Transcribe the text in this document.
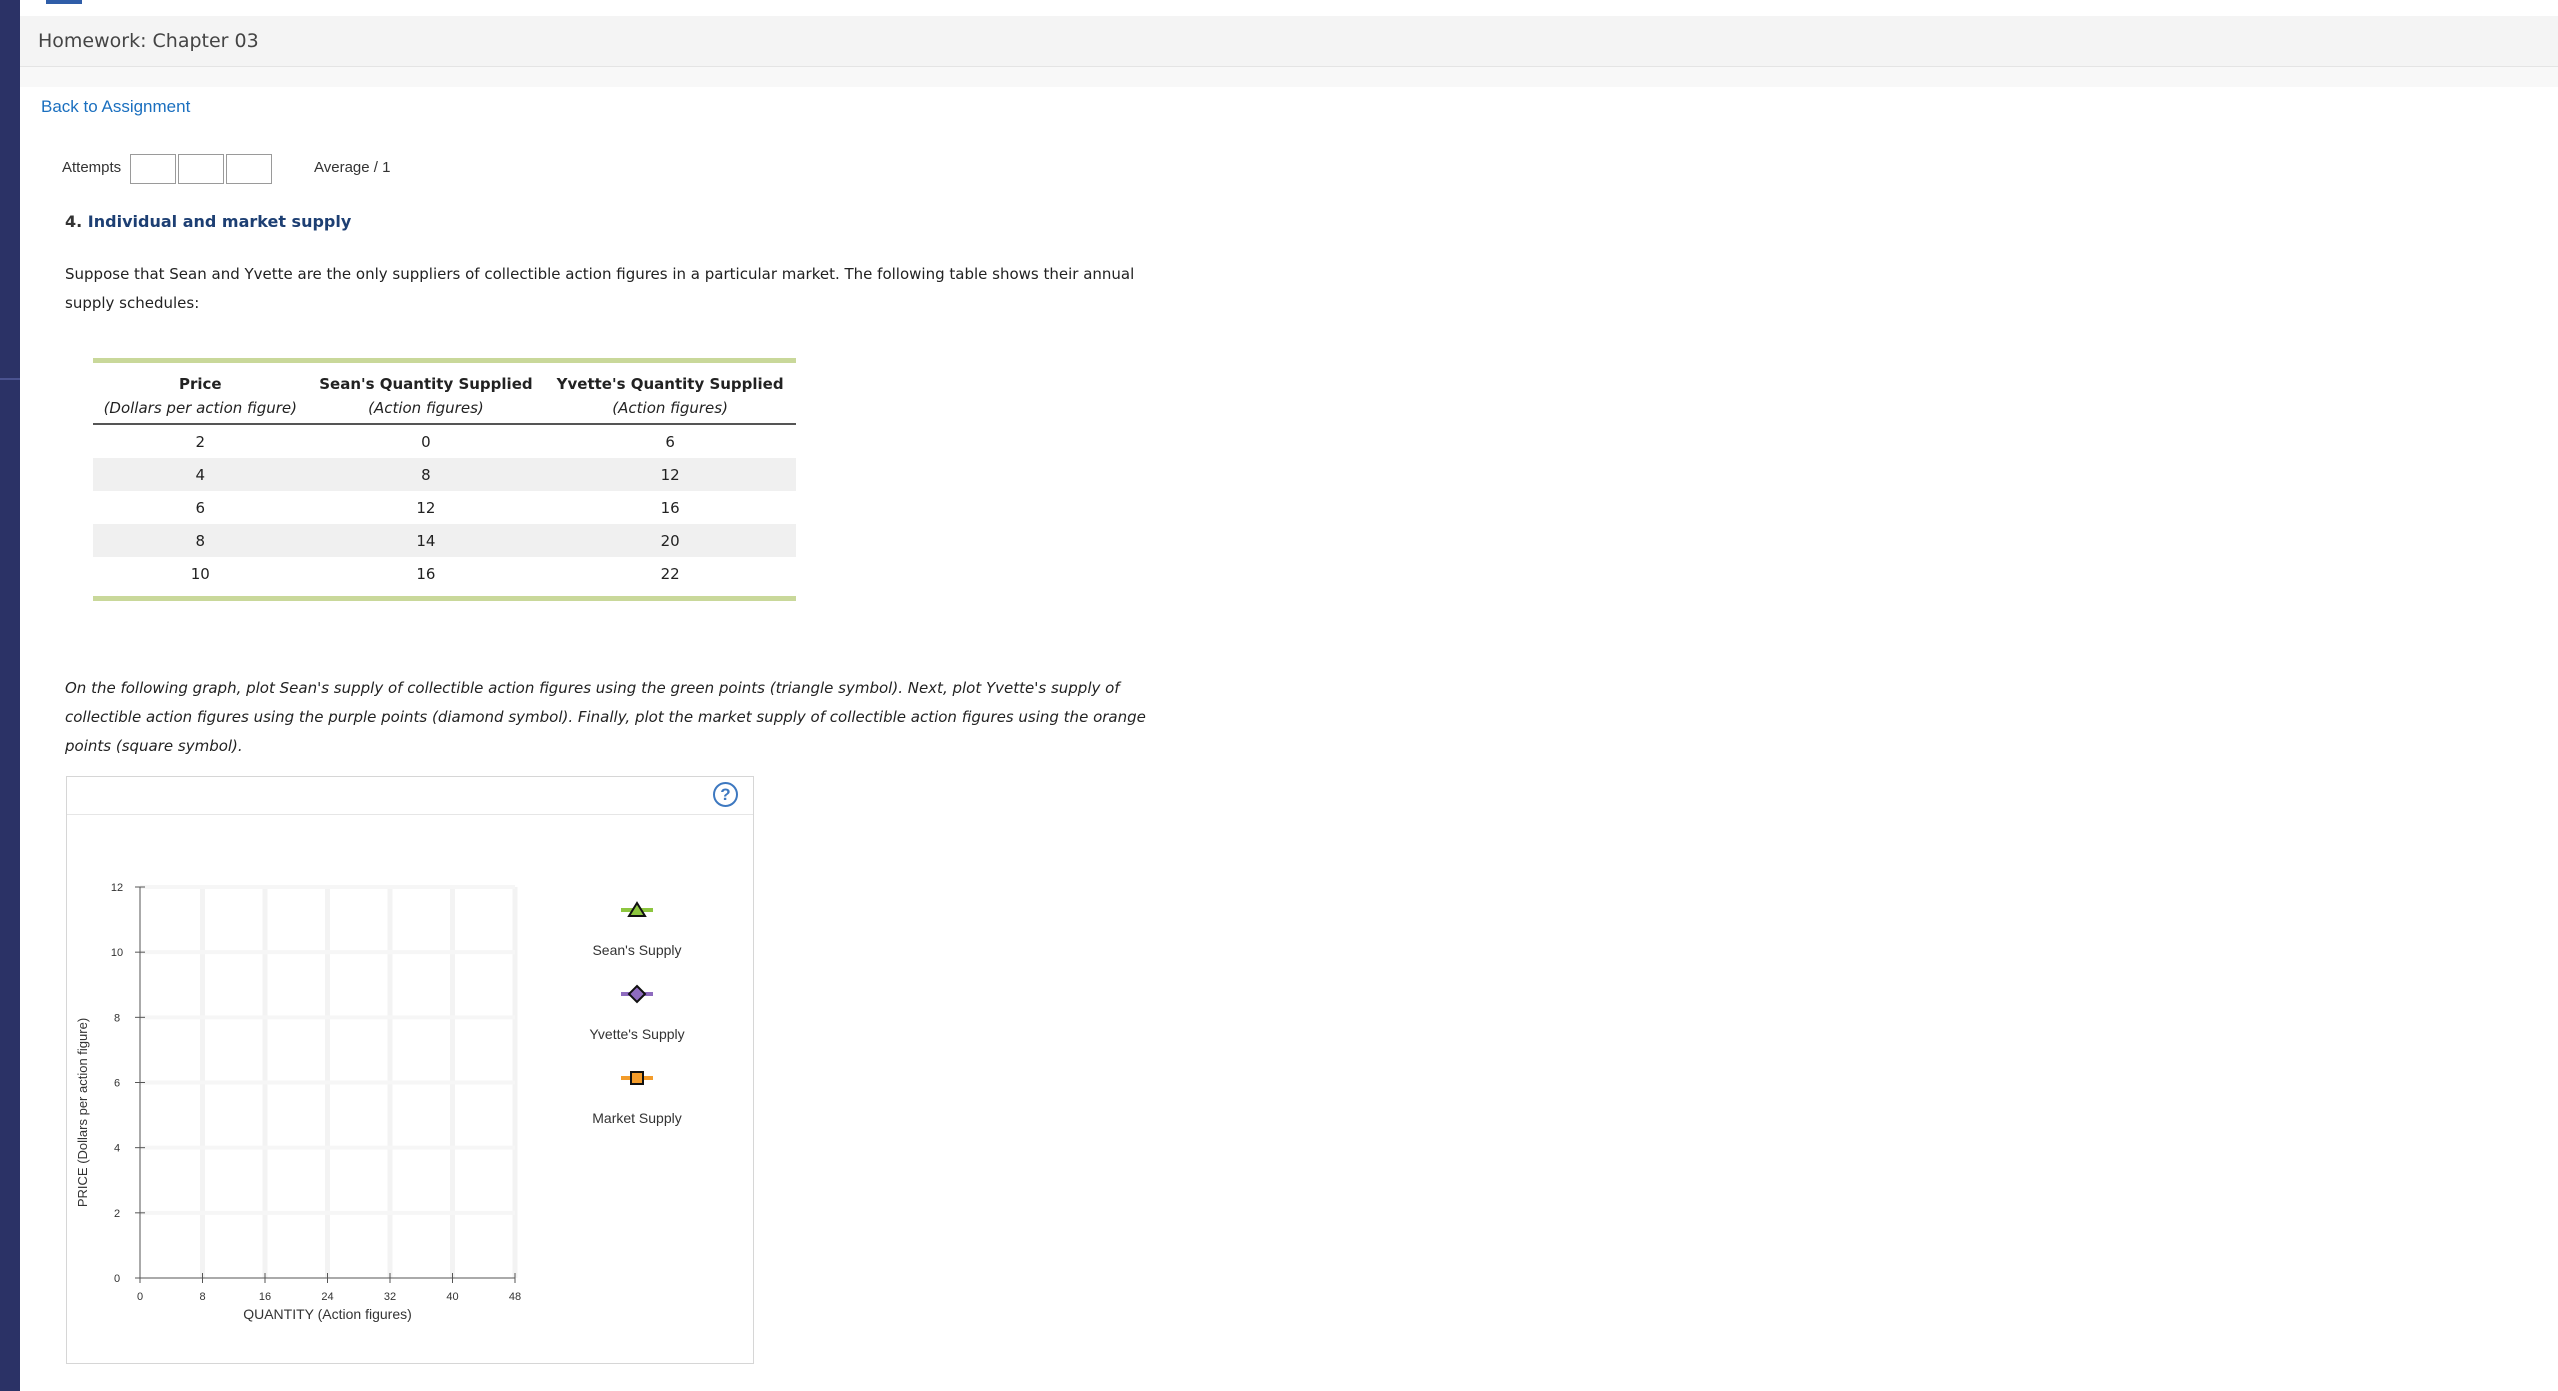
Homework: Chapter 03
Back to Assignment
Attempts	Average / 1
4. Individual and market supply
Suppose that Sean and Yvette are the only suppliers of collectible action figures in a particular market. The following table shows their annual supply schedules:
Price	Sean's Quantity Supplied	Yvette's Quantity Supplied
(Dollars per action figure)	(Action figures)	(Action figures)
2	0	6
4	8	12
6	12	16
8	14	20
10	16	22
On the following graph, plot Sean's supply of collectible action figures using the green points (triangle symbol). Next, plot Yvette's supply of collectible action figures using the purple points (diamond symbol). Finally, plot the market supply of collectible action figures using the orange points (square symbol).
?
0	8	16	24	32	40	48
0
2
4
6
8
10
12
QUANTITY (Action figures)
PRICE (Dollars per action figure)
Sean's Supply
Yvette's Supply
Market Supply
